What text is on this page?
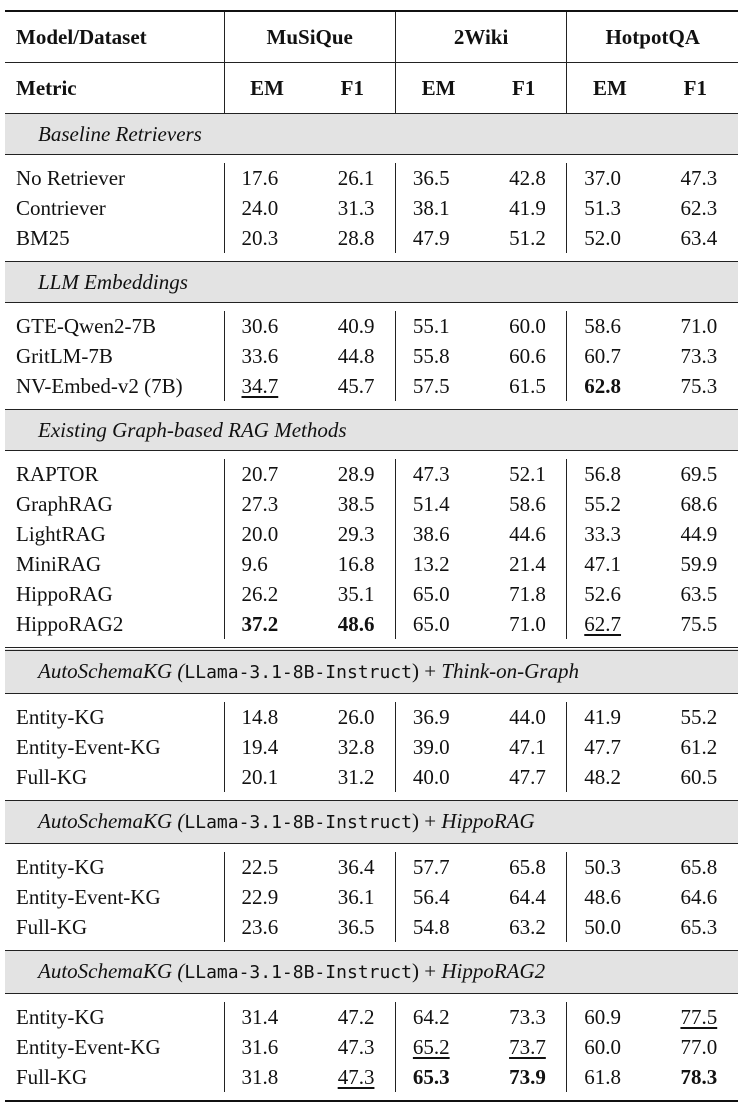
Model/Dataset	MuSiQue		2Wiki		HotpotQA	
Metric	EM	F1	EM	F1	EM	F1
Baseline Retrievers						

No Retriever	17.6	26.1	36.5	42.8	37.0	47.3
Contriever	24.0	31.3	38.1	41.9	51.3	62.3
BM25	20.3	28.8	47.9	51.2	52.0	63.4

LLM Embeddings						

GTE-Qwen2-7B	30.6	40.9	55.1	60.0	58.6	71.0
GritLM-7B	33.6	44.8	55.8	60.6	60.7	73.3
NV-Embed-v2 (7B)	34.7	45.7	57.5	61.5	62.8	75.3

Existing Graph-based RAG Methods						

RAPTOR	20.7	28.9	47.3	52.1	56.8	69.5
GraphRAG	27.3	38.5	51.4	58.6	55.2	68.6
LightRAG	20.0	29.3	38.6	44.6	33.3	44.9
MiniRAG	9.6	16.8	13.2	21.4	47.1	59.9
HippoRAG	26.2	35.1	65.0	71.8	52.6	63.5
HippoRAG2	37.2	48.6	65.0	71.0	62.7	75.5

AutoSchemaKG (LLama-3.1-8B-Instruct) + Think-on-Graph						

Entity-KG	14.8	26.0	36.9	44.0	41.9	55.2
Entity-Event-KG	19.4	32.8	39.0	47.1	47.7	61.2
Full-KG	20.1	31.2	40.0	47.7	48.2	60.5

AutoSchemaKG (LLama-3.1-8B-Instruct) + HippoRAG						

Entity-KG	22.5	36.4	57.7	65.8	50.3	65.8
Entity-Event-KG	22.9	36.1	56.4	64.4	48.6	64.6
Full-KG	23.6	36.5	54.8	63.2	50.0	65.3

AutoSchemaKG (LLama-3.1-8B-Instruct) + HippoRAG2						

Entity-KG	31.4	47.2	64.2	73.3	60.9	77.5
Entity-Event-KG	31.6	47.3	65.2	73.7	60.0	77.0
Full-KG	31.8	47.3	65.3	73.9	61.8	78.3
